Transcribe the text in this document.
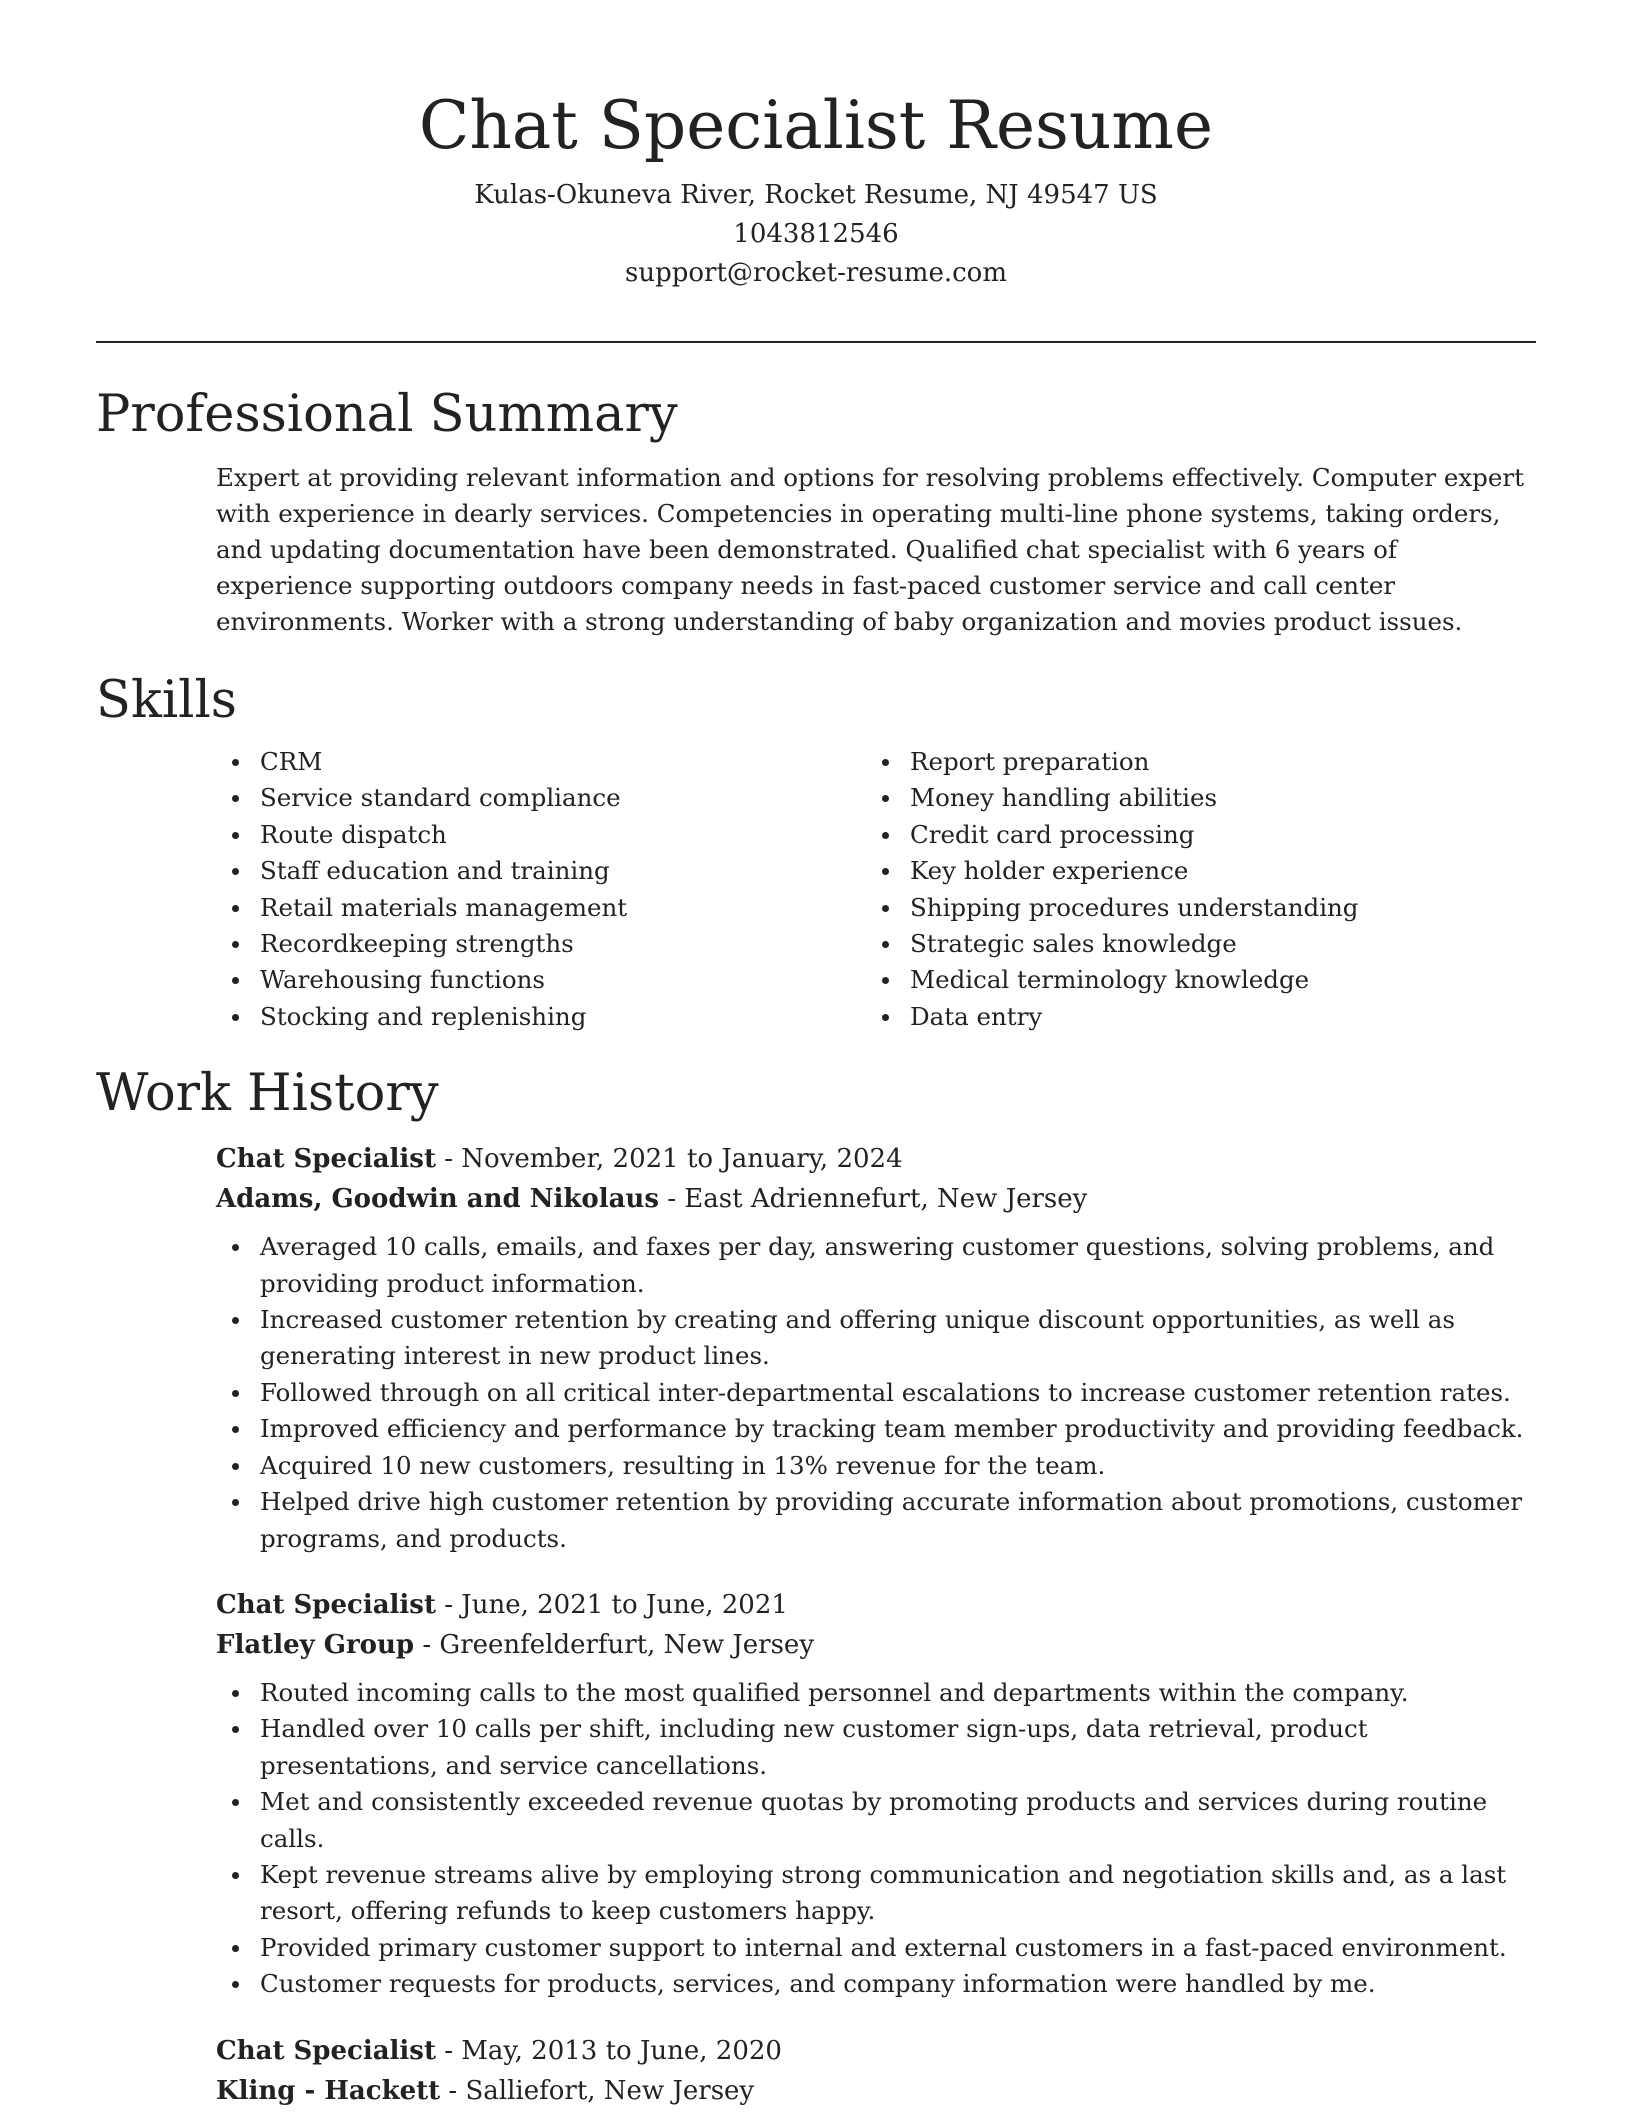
Chat Specialist Resume
Kulas-Okuneva River, Rocket Resume, NJ 49547 US
1043812546
support@rocket-resume.com
Professional Summary

Expert at providing relevant information and options for resolving problems effectively. Computer expert with experience in dearly services. Competencies in operating multi-line phone systems, taking orders, and updating documentation have been demonstrated. Qualified chat specialist with 6 years of experience supporting outdoors company needs in fast-paced customer service and call center environments. Worker with a strong understanding of baby organization and movies product issues.

Skills
CRM
Service standard compliance
Route dispatch
Staff education and training
Retail materials management
Recordkeeping strengths
Warehousing functions
Stocking and replenishing
Report preparation
Money handling abilities
Credit card processing
Key holder experience
Shipping procedures understanding
Strategic sales knowledge
Medical terminology knowledge
Data entry
Work History
Chat Specialist - November, 2021 to January, 2024
Adams, Goodwin and Nikolaus - East Adriennefurt, New Jersey
Averaged 10 calls, emails, and faxes per day, answering customer questions, solving problems, and providing product information.
Increased customer retention by creating and offering unique discount opportunities, as well as generating interest in new product lines.
Followed through on all critical inter-departmental escalations to increase customer retention rates.
Improved efficiency and performance by tracking team member productivity and providing feedback.
Acquired 10 new customers, resulting in 13% revenue for the team.
Helped drive high customer retention by providing accurate information about promotions, customer programs, and products.
Chat Specialist - June, 2021 to June, 2021
Flatley Group - Greenfelderfurt, New Jersey
Routed incoming calls to the most qualified personnel and departments within the company.
Handled over 10 calls per shift, including new customer sign-ups, data retrieval, product presentations, and service cancellations.
Met and consistently exceeded revenue quotas by promoting products and services during routine calls.
Kept revenue streams alive by employing strong communication and negotiation skills and, as a last resort, offering refunds to keep customers happy.
Provided primary customer support to internal and external customers in a fast-paced environment.
Customer requests for products, services, and company information were handled by me.
Chat Specialist - May, 2013 to June, 2020
Kling - Hackett - Salliefort, New Jersey
